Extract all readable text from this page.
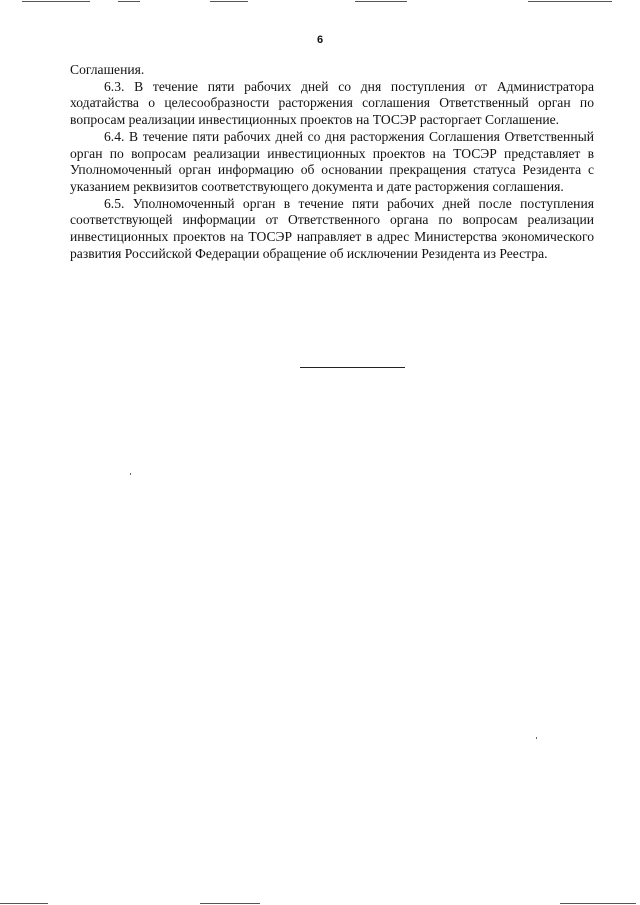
6

Соглашения.

6.3. В течение пяти рабочих дней со дня поступления от Администратора ходатайства о целесообразности расторжения соглашения Ответственный орган по вопросам реализации инвестиционных проектов на ТОСЭР расторгает Соглашение.

6.4. В течение пяти рабочих дней со дня расторжения Соглашения Ответственный орган по вопросам реализации инвестиционных проектов на ТОСЭР представляет в Уполномоченный орган информацию об основании прекращения статуса Резидента с указанием реквизитов соответствующего документа и дате расторжения соглашения.

6.5. Уполномоченный орган в течение пяти рабочих дней после поступления соответствующей информации от Ответственного органа по вопросам реализации инвестиционных проектов на ТОСЭР направляет в адрес Министерства экономического развития Российской Федерации обращение об исключении Резидента из Реестра.
